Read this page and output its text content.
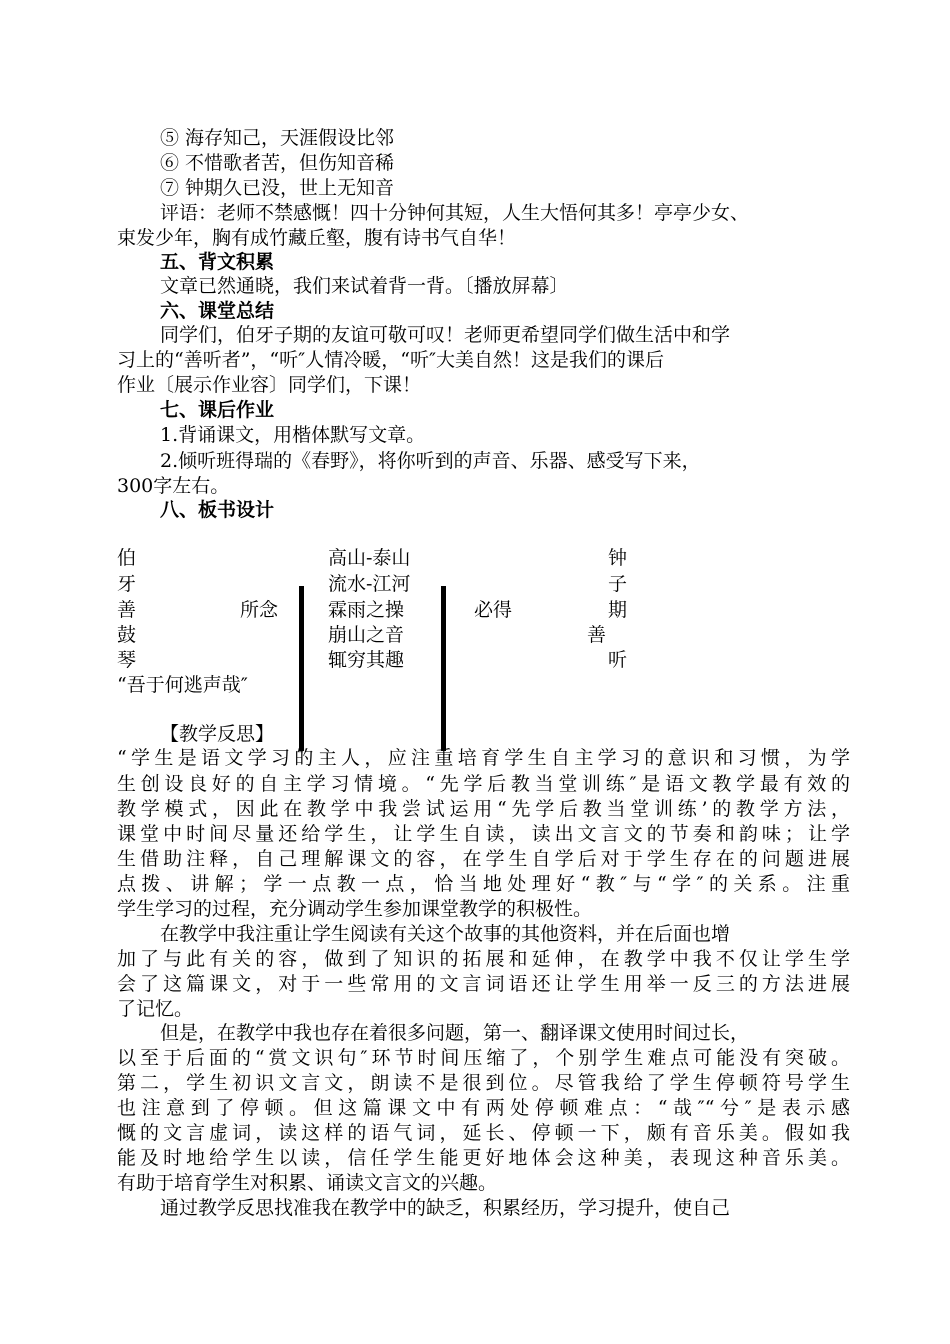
⑤ 海存知己，天涯假设比邻
⑥ 不惜歌者苦，但伤知音稀
⑦ 钟期久已没，世上无知音
评语：老师不禁感慨！四十分钟何其短，人生大悟何其多！亭亭少女、
束发少年，胸有成竹藏丘壑，腹有诗书气自华！
五、背文积累
文章已然通晓，我们来试着背一背。〔播放屏幕〕
六、课堂总结
同学们，伯牙子期的友谊可敬可叹！老师更希望同学们做生活中和学
习上的“善听者”，“听″人情冷暖，“听″大美自然！这是我们的课后
作业〔展示作业容〕同学们，下课！
七、课后作业
1.背诵课文，用楷体默写文章。
2.倾听班得瑞的《春野》，将你听到的声音、乐器、感受写下来，
300字左右。
八、板书设计
伯
牙
善
鼓
琴
所念
高山-泰山
流水-江河
霖雨之操
崩山之音
辄穷其趣
必得
钟
子
期
善
听
“吾于何逃声哉″
【教学反思】
“学生是语文学习的主人，应注重培育学生自主学习的意识和习惯，为学
生创设良好的自主学习情境。“先学后教当堂训练″是语文教学最有效的
教学模式，因此在教学中我尝试运用“先学后教当堂训练’的教学方法，
课堂中时间尽量还给学生，让学生自读，读出文言文的节奏和韵味；让学
生借助注释，自己理解课文的容，在学生自学后对于学生存在的问题进展
点拨、讲解；学一点教一点，恰当地处理好“教″与“学″的关系。注重
学生学习的过程，充分调动学生参加课堂教学的积极性。
在教学中我注重让学生阅读有关这个故事的其他资料，并在后面也增
加了与此有关的容，做到了知识的拓展和延伸，在教学中我不仅让学生学
会了这篇课文，对于一些常用的文言词语还让学生用举一反三的方法进展
了记忆。
但是，在教学中我也存在着很多问题，第一、翻译课文使用时间过长，
以至于后面的“赏文识句″环节时间压缩了，个别学生难点可能没有突破。
第二，学生初识文言文，朗读不是很到位。尽管我给了学生停顿符号学生
也注意到了停顿。但这篇课文中有两处停顿难点：“哉″“兮″是表示感
慨的文言虚词，读这样的语气词，延长、停顿一下，颇有音乐美。假如我
能及时地给学生以读，信任学生能更好地体会这种美，表现这种音乐美。
有助于培育学生对积累、诵读文言文的兴趣。
通过教学反思找准我在教学中的缺乏，积累经历，学习提升，使自己
